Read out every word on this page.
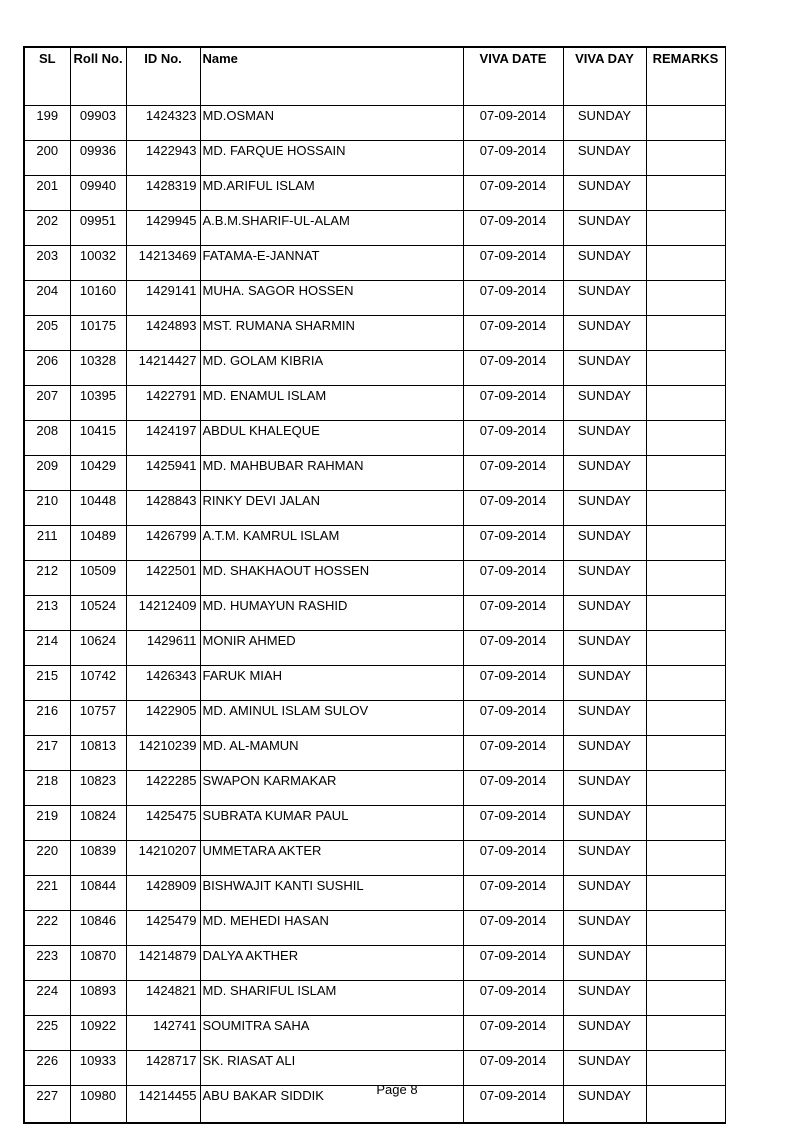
SL	Roll No.	ID No.	Name	VIVA DATE	VIVA DAY	REMARKS
199	09903	1424323	MD.OSMAN	07-09-2014	SUNDAY	
200	09936	1422943	MD. FARQUE HOSSAIN	07-09-2014	SUNDAY	
201	09940	1428319	MD.ARIFUL ISLAM	07-09-2014	SUNDAY	
202	09951	1429945	A.B.M.SHARIF-UL-ALAM	07-09-2014	SUNDAY	
203	10032	14213469	FATAMA-E-JANNAT	07-09-2014	SUNDAY	
204	10160	1429141	MUHA. SAGOR HOSSEN	07-09-2014	SUNDAY	
205	10175	1424893	MST. RUMANA SHARMIN	07-09-2014	SUNDAY	
206	10328	14214427	MD. GOLAM KIBRIA	07-09-2014	SUNDAY	
207	10395	1422791	MD. ENAMUL ISLAM	07-09-2014	SUNDAY	
208	10415	1424197	ABDUL KHALEQUE	07-09-2014	SUNDAY	
209	10429	1425941	MD. MAHBUBAR RAHMAN	07-09-2014	SUNDAY	
210	10448	1428843	RINKY DEVI JALAN	07-09-2014	SUNDAY	
211	10489	1426799	A.T.M. KAMRUL ISLAM	07-09-2014	SUNDAY	
212	10509	1422501	MD. SHAKHAOUT HOSSEN	07-09-2014	SUNDAY	
213	10524	14212409	MD. HUMAYUN RASHID	07-09-2014	SUNDAY	
214	10624	1429611	MONIR AHMED	07-09-2014	SUNDAY	
215	10742	1426343	FARUK MIAH	07-09-2014	SUNDAY	
216	10757	1422905	MD. AMINUL ISLAM SULOV	07-09-2014	SUNDAY	
217	10813	14210239	MD. AL-MAMUN	07-09-2014	SUNDAY	
218	10823	1422285	SWAPON KARMAKAR	07-09-2014	SUNDAY	
219	10824	1425475	SUBRATA KUMAR PAUL	07-09-2014	SUNDAY	
220	10839	14210207	UMMETARA AKTER	07-09-2014	SUNDAY	
221	10844	1428909	BISHWAJIT KANTI SUSHIL	07-09-2014	SUNDAY	
222	10846	1425479	MD. MEHEDI HASAN	07-09-2014	SUNDAY	
223	10870	14214879	DALYA AKTHER	07-09-2014	SUNDAY	
224	10893	1424821	MD. SHARIFUL ISLAM	07-09-2014	SUNDAY	
225	10922	142741	SOUMITRA SAHA	07-09-2014	SUNDAY	
226	10933	1428717	SK. RIASAT ALI	07-09-2014	SUNDAY	
227	10980	14214455	ABU BAKAR SIDDIK	07-09-2014	SUNDAY	
Page 8
